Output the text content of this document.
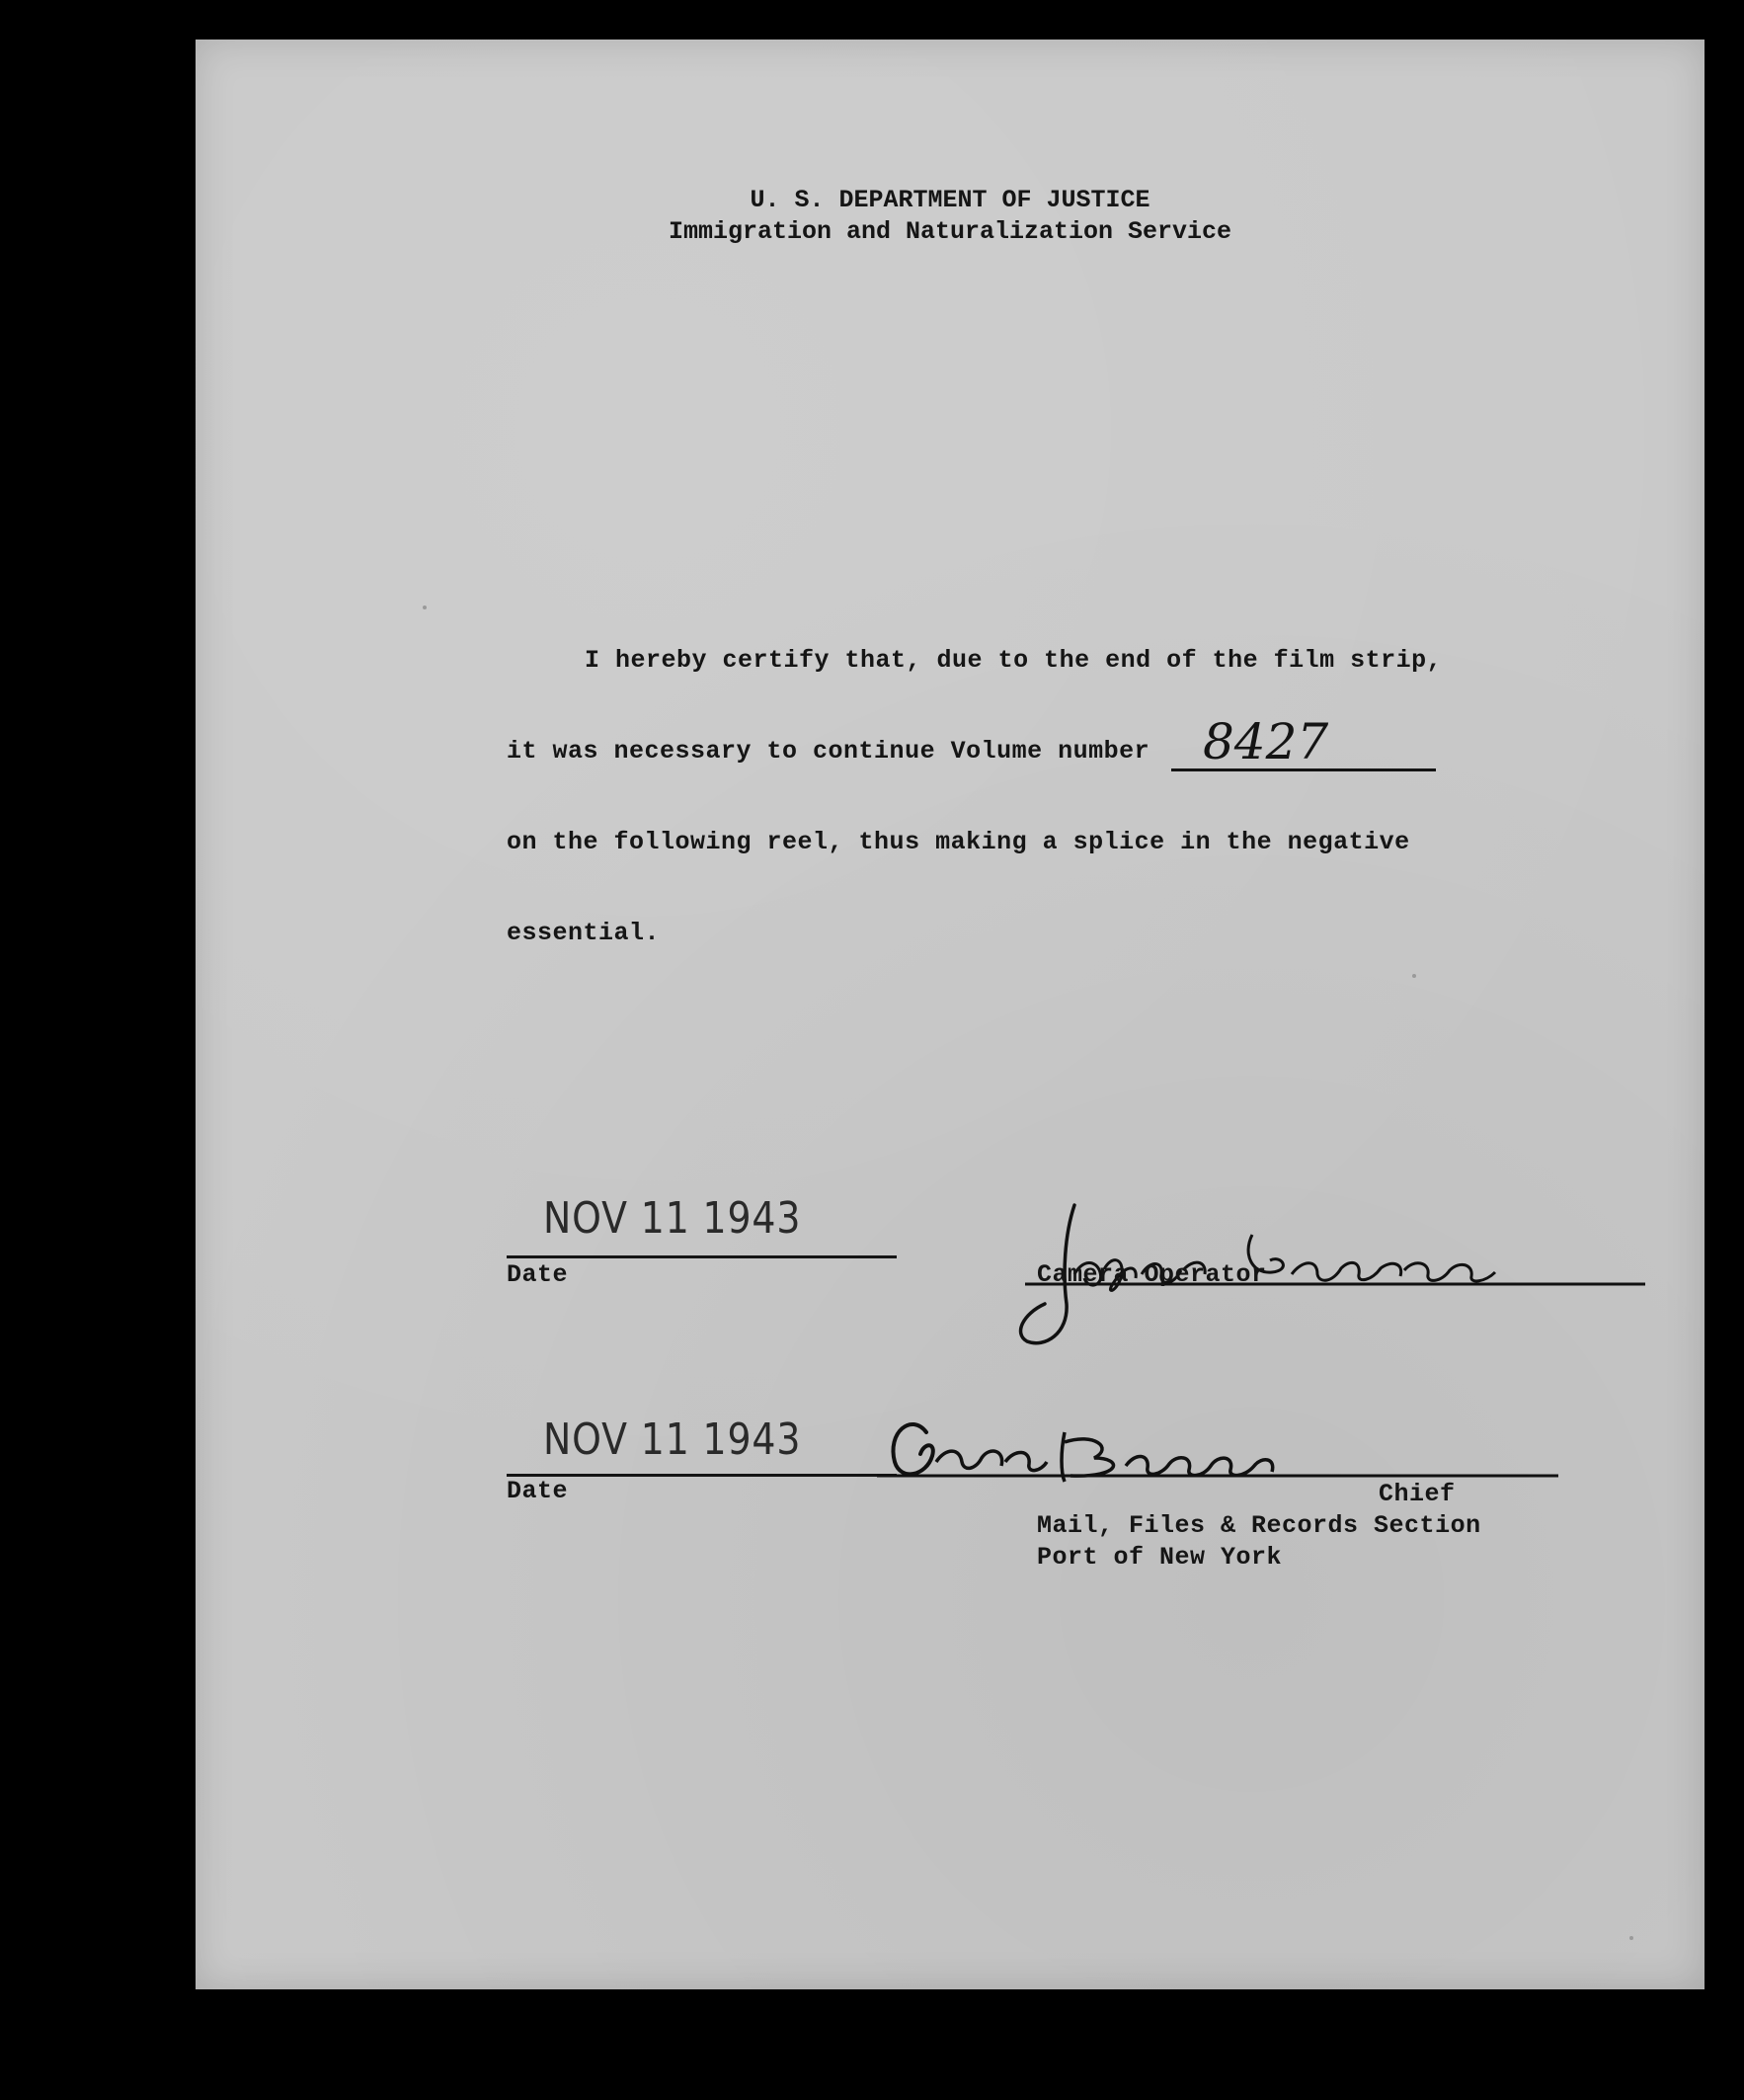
U. S. DEPARTMENT OF JUSTICE
Immigration and Naturalization Service
I hereby certify that, due to the end of the film strip,
it was necessary to continue Volume number 8427
on the following reel, thus making a splice in the negative
essential.
NOV 11 1943
Date	Camera Operator
NOV 11 1943
Date	Chief
Mail, Files & Records Section
Port of New York
